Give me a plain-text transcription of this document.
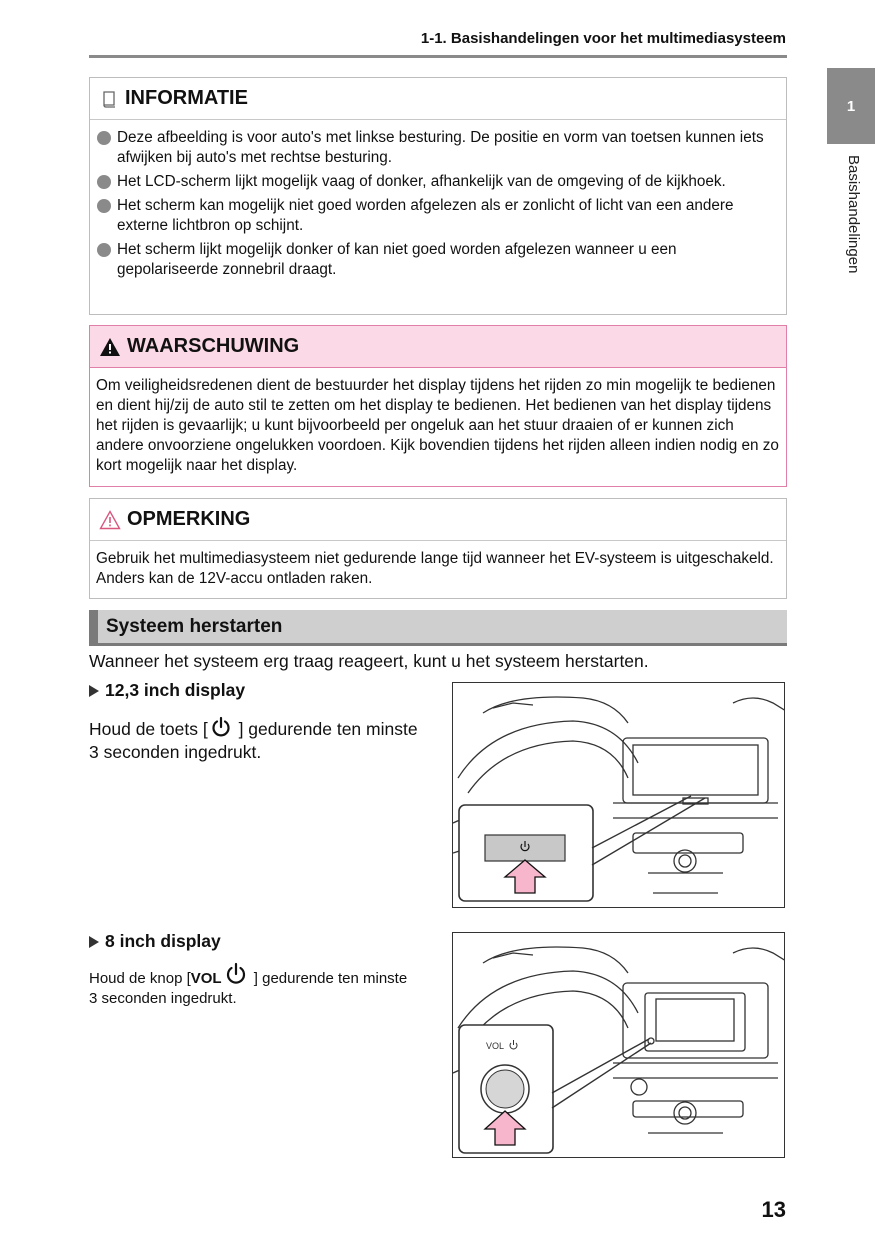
1-1. Basishandelingen voor het multimediasysteem
1
Basishandelingen
INFORMATIE
Deze afbeelding is voor auto's met linkse besturing. De positie en vorm van toetsen kunnen iets afwijken bij auto's met rechtse besturing.
Het LCD-scherm lijkt mogelijk vaag of donker, afhankelijk van de omgeving of de kijkhoek.
Het scherm kan mogelijk niet goed worden afgelezen als er zonlicht of licht van een andere externe lichtbron op schijnt.
Het scherm lijkt mogelijk donker of kan niet goed worden afgelezen wanneer u een gepolariseerde zonnebril draagt.
WAARSCHUWING

Om veiligheidsredenen dient de bestuurder het display tijdens het rijden zo min mogelijk te bedienen en dient hij/zij de auto stil te zetten om het display te bedienen. Het bedienen van het display tijdens het rijden is gevaarlijk; u kunt bijvoorbeeld per ongeluk aan het stuur draaien of er kunnen zich andere onvoorziene ongelukken voordoen. Kijk bovendien tijdens het rijden alleen indien nodig en zo kort mogelijk naar het display.

OPMERKING

Gebruik het multimediasysteem niet gedurende lange tijd wanneer het EV-systeem is uitgeschakeld. Anders kan de 12V-accu ontladen raken.

Systeem herstarten
Wanneer het systeem erg traag reageert, kunt u het systeem herstarten.
12,3 inch display
Houd de toets [ ] gedurende ten minste 3 seconden ingedrukt.
8 inch display
Houd de knop [VOL ] gedurende ten minste 3 seconden ingedrukt.
VOL
13
